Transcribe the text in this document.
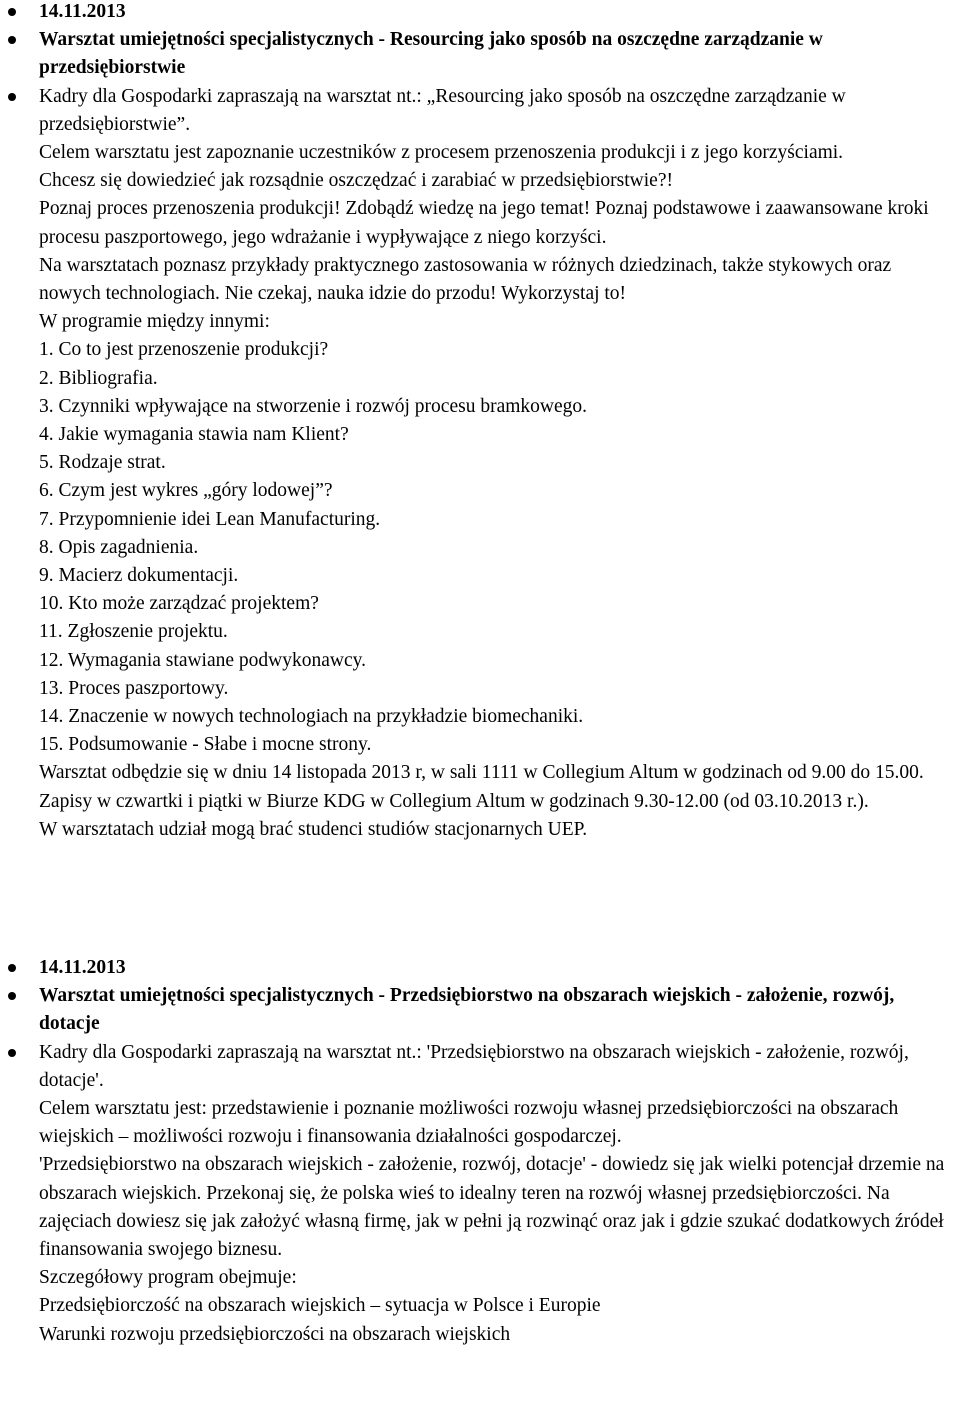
14.11.2013
Warsztat umiejętności specjalistycznych - Resourcing jako sposób na oszczędne zarządzanie w przedsiębiorstwie
Kadry dla Gospodarki zapraszają na warsztat nt.: „Resourcing jako sposób na oszczędne zarządzanie w przedsiębiorstwie”.
Celem warsztatu jest zapoznanie uczestników z procesem przenoszenia produkcji i z jego korzyściami.
Chcesz się dowiedzieć jak rozsądnie oszczędzać i zarabiać w przedsiębiorstwie?!
Poznaj proces przenoszenia produkcji! Zdobądź wiedzę na jego temat! Poznaj podstawowe i zaawansowane kroki procesu paszportowego, jego wdrażanie i wypływające z niego korzyści.
Na warsztatach poznasz przykłady praktycznego zastosowania w różnych dziedzinach, także stykowych oraz nowych technologiach. Nie czekaj, nauka idzie do przodu! Wykorzystaj to!
W programie między innymi:
1. Co to jest przenoszenie produkcji?
2. Bibliografia.
3. Czynniki wpływające na stworzenie i rozwój procesu bramkowego.
4. Jakie wymagania stawia nam Klient?
5. Rodzaje strat.
6. Czym jest wykres „góry lodowej”?
7. Przypomnienie idei Lean Manufacturing.
8. Opis zagadnienia.
9. Macierz dokumentacji.
10. Kto może zarządzać projektem?
11. Zgłoszenie projektu.
12. Wymagania stawiane podwykonawcy.
13. Proces paszportowy.
14. Znaczenie w nowych technologiach na przykładzie biomechaniki.
15. Podsumowanie - Słabe i mocne strony.
Warsztat odbędzie się w dniu 14 listopada 2013 r, w sali 1111 w Collegium Altum w godzinach od 9.00 do 15.00.
Zapisy w czwartki i piątki w Biurze KDG w Collegium Altum w godzinach 9.30-12.00 (od 03.10.2013 r.).
W warsztatach udział mogą brać studenci studiów stacjonarnych UEP.
14.11.2013
Warsztat umiejętności specjalistycznych - Przedsiębiorstwo na obszarach wiejskich - założenie, rozwój, dotacje
Kadry dla Gospodarki zapraszają na warsztat nt.: 'Przedsiębiorstwo na obszarach wiejskich - założenie, rozwój, dotacje'.
Celem warsztatu jest: przedstawienie i poznanie możliwości rozwoju własnej przedsiębiorczości na obszarach wiejskich – możliwości rozwoju i finansowania działalności gospodarczej.
'Przedsiębiorstwo na obszarach wiejskich - założenie, rozwój, dotacje' - dowiedz się jak wielki potencjał drzemie na obszarach wiejskich. Przekonaj się, że polska wieś to idealny teren na rozwój własnej przedsiębiorczości. Na zajęciach dowiesz się jak założyć własną firmę, jak w pełni ją rozwinąć oraz jak i gdzie szukać dodatkowych źródeł finansowania swojego biznesu.
Szczegółowy program obejmuje:
Przedsiębiorczość na obszarach wiejskich – sytuacja w Polsce i Europie
Warunki rozwoju przedsiębiorczości na obszarach wiejskich
